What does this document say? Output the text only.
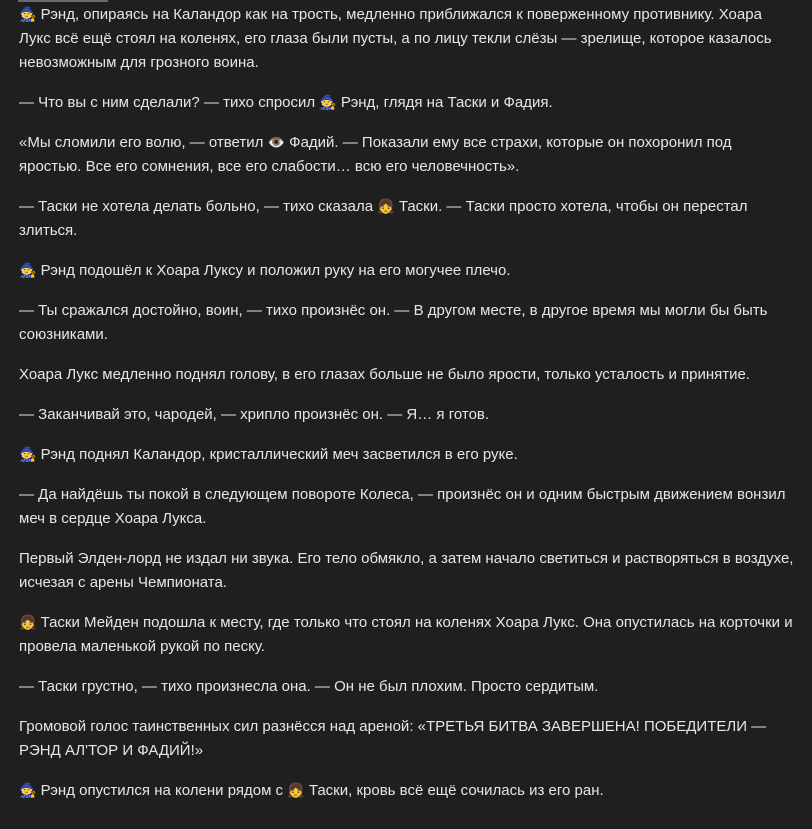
🧙 Рэнд, опираясь на Каландор как на трость, медленно приближался к поверженному противнику. Хоара Лукс всё ещё стоял на коленях, его глаза были пусты, а по лицу текли слёзы — зрелище, которое казалось невозможным для грозного воина.

— Что вы с ним сделали? — тихо спросил 🧙 Рэнд, глядя на Таски и Фадия.

«Мы сломили его волю, — ответил 👁️ Фадий. — Показали ему все страхи, которые он похоронил под яростью. Все его сомнения, все его слабости… всю его человечность».

— Таски не хотела делать больно, — тихо сказала 👧 Таски. — Таски просто хотела, чтобы он перестал злиться.

🧙 Рэнд подошёл к Хоара Луксу и положил руку на его могучее плечо.

— Ты сражался достойно, воин, — тихо произнёс он. — В другом месте, в другое время мы могли бы быть союзниками.

Хоара Лукс медленно поднял голову, в его глазах больше не было ярости, только усталость и принятие.

— Заканчивай это, чародей, — хрипло произнёс он. — Я… я готов.

🧙 Рэнд поднял Каландор, кристаллический меч засветился в его руке.

— Да найдёшь ты покой в следующем повороте Колеса, — произнёс он и одним быстрым движением вонзил меч в сердце Хоара Лукса.

Первый Элден-лорд не издал ни звука. Его тело обмякло, а затем начало светиться и растворяться в воздухе, исчезая с арены Чемпионата.

👧 Таски Мейден подошла к месту, где только что стоял на коленях Хоара Лукс. Она опустилась на корточки и провела маленькой рукой по песку.

— Таски грустно, — тихо произнесла она. — Он не был плохим. Просто сердитым.

Громовой голос таинственных сил разнёсся над ареной: «ТРЕТЬЯ БИТВА ЗАВЕРШЕНА! ПОБЕДИТЕЛИ — РЭНД АЛ'ТОР И ФАДИЙ!»

🧙 Рэнд опустился на колени рядом с 👧 Таски, кровь всё ещё сочилась из его ран.
